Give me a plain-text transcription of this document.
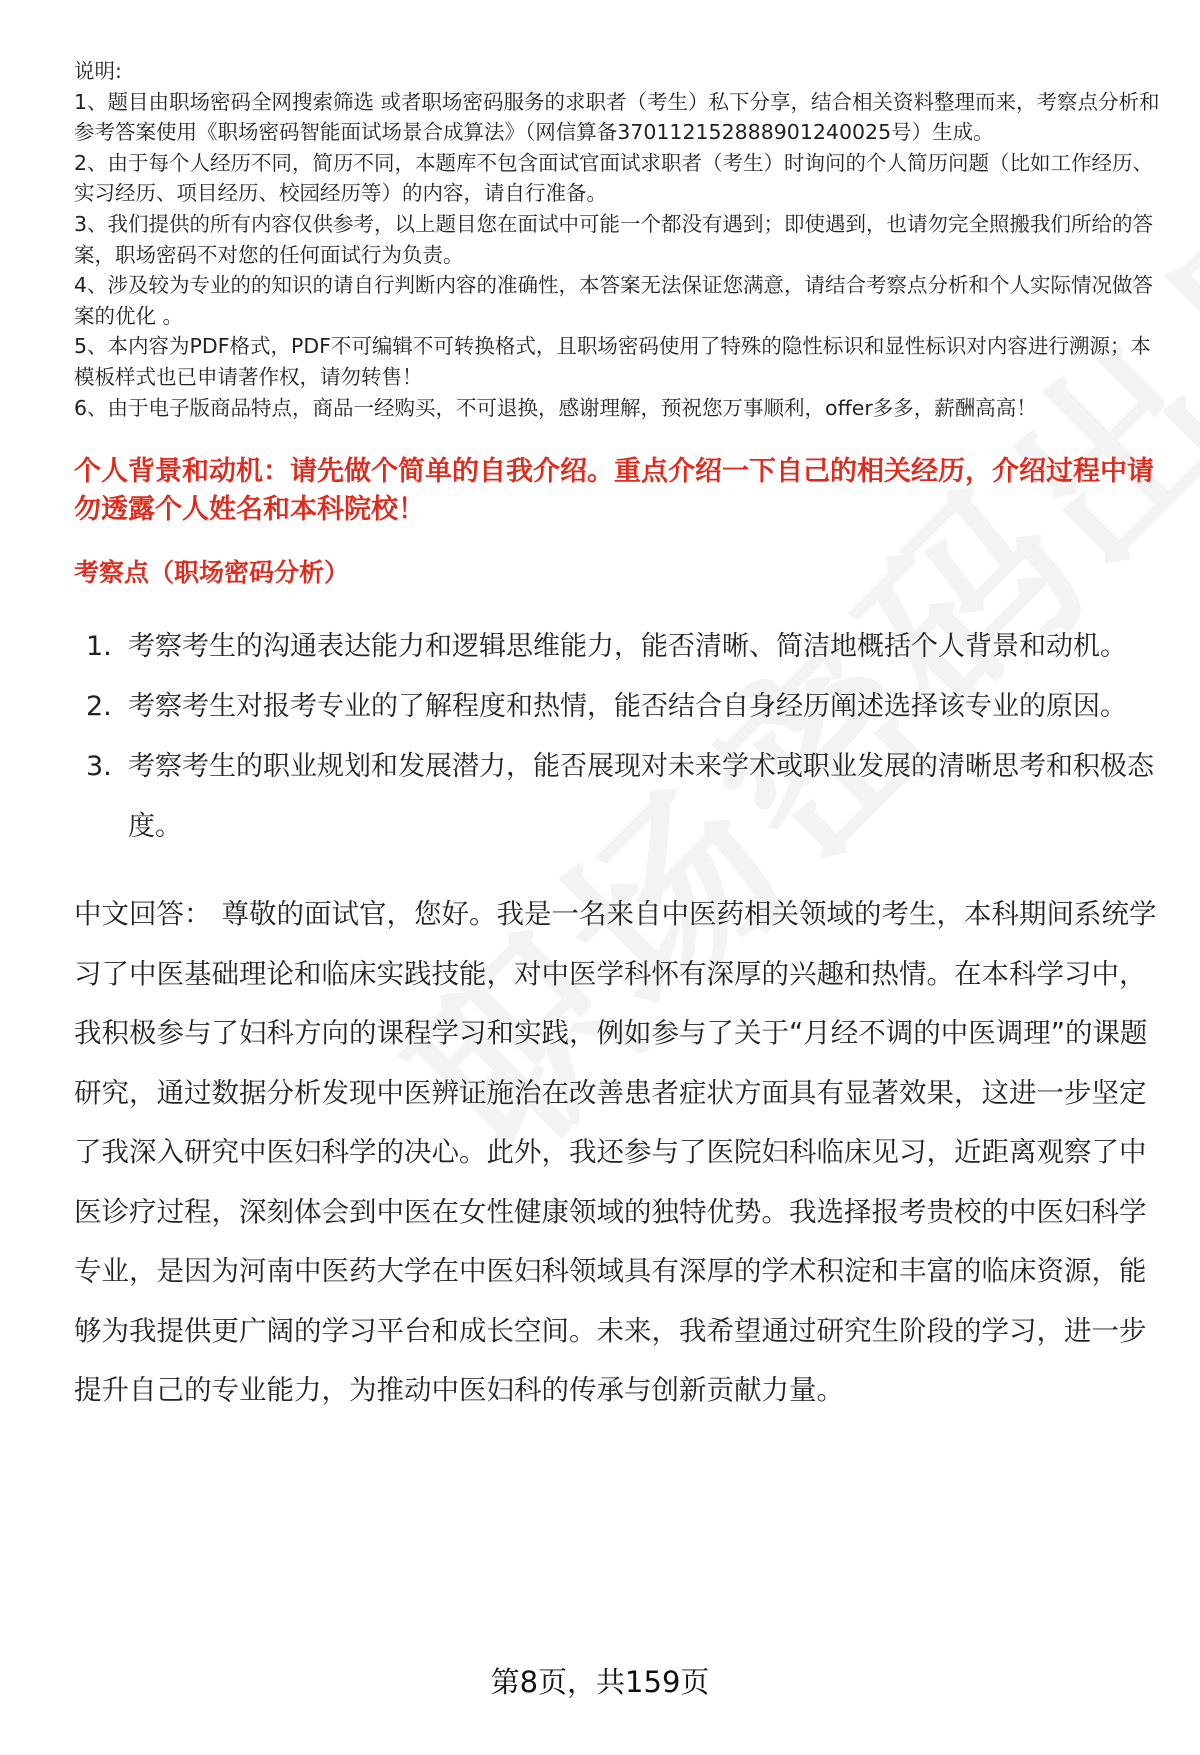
说明:

1、题目由职场密码全网搜索筛选 或者职场密码服务的求职者（考生）私下分享，结合相关资料整理而来，考察点分析和参考答案使用《职场密码智能面试场景合成算法》（网信算备370112152888901240025号）生成。

2、由于每个人经历不同，简历不同，本题库不包含面试官面试求职者（考生）时询问的个人简历问题（比如工作经历、实习经历、项目经历、校园经历等）的内容，请自行准备。

3、我们提供的所有内容仅供参考，以上题目您在面试中可能一个都没有遇到；即使遇到，也请勿完全照搬我们所给的答案，职场密码不对您的任何面试行为负责。

4、涉及较为专业的的知识的请自行判断内容的准确性，本答案无法保证您满意，请结合考察点分析和个人实际情况做答案的优化 。

5、本内容为PDF格式，PDF不可编辑不可转换格式，且职场密码使用了特殊的隐性标识和显性标识对内容进行溯源；本模板样式也已申请著作权，请勿转售！

6、由于电子版商品特点，商品一经购买，不可退换，感谢理解，预祝您万事顺利，offer多多，薪酬高高！

个人背景和动机：请先做个简单的自我介绍。重点介绍一下自己的相关经历，介绍过程中请勿透露个人姓名和本科院校！
考察点（职场密码分析）
1. 考察考生的沟通表达能力和逻辑思维能力，能否清晰、简洁地概括个人背景和动机。
2. 考察考生对报考专业的了解程度和热情，能否结合自身经历阐述选择该专业的原因。
3. 考察考生的职业规划和发展潜力，能否展现对未来学术或职业发展的清晰思考和积极态度。
中文回答： 尊敬的面试官，您好。我是一名来自中医药相关领域的考生，本科期间系统学习了中医基础理论和临床实践技能，对中医学科怀有深厚的兴趣和热情。在本科学习中，我积极参与了妇科方向的课程学习和实践，例如参与了关于“月经不调的中医调理”的课题研究，通过数据分析发现中医辨证施治在改善患者症状方面具有显著效果，这进一步坚定了我深入研究中医妇科学的决心。此外，我还参与了医院妇科临床见习，近距离观察了中医诊疗过程，深刻体会到中医在女性健康领域的独特优势。我选择报考贵校的中医妇科学专业，是因为河南中医药大学在中医妇科领域具有深厚的学术积淀和丰富的临床资源，能够为我提供更广阔的学习平台和成长空间。未来，我希望通过研究生阶段的学习，进一步提升自己的专业能力，为推动中医妇科的传承与创新贡献力量。
第8页，共159页
